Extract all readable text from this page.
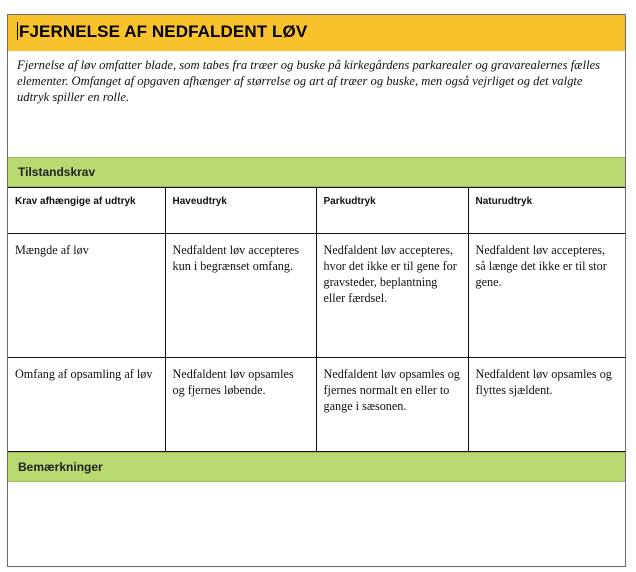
FJERNELSE AF NEDFALDENT LØV
Fjernelse af løv omfatter blade, som tabes fra træer og buske på kirkegårdens parkarealer og gravarealernes fælles elementer. Omfanget af opgaven afhænger af størrelse og art af træer og buske, men også vejrliget og det valgte udtryk spiller en rolle.
Tilstandskrav
Krav afhængige af udtryk	Haveudtryk	Parkudtryk	Naturudtryk
Mængde af løv	Nedfaldent løv accepteres kun i begrænset omfang.	Nedfaldent løv accepteres, hvor det ikke er til gene for gravsteder, beplantning eller færdsel.	Nedfaldent løv accepteres, så længe det ikke er til stor gene.
Omfang af opsamling af løv	Nedfaldent løv opsamles og fjernes løbende.	Nedfaldent løv opsamles og fjernes normalt en eller to gange i sæsonen.	Nedfaldent løv opsamles og flyttes sjældent.
Bemærkninger
